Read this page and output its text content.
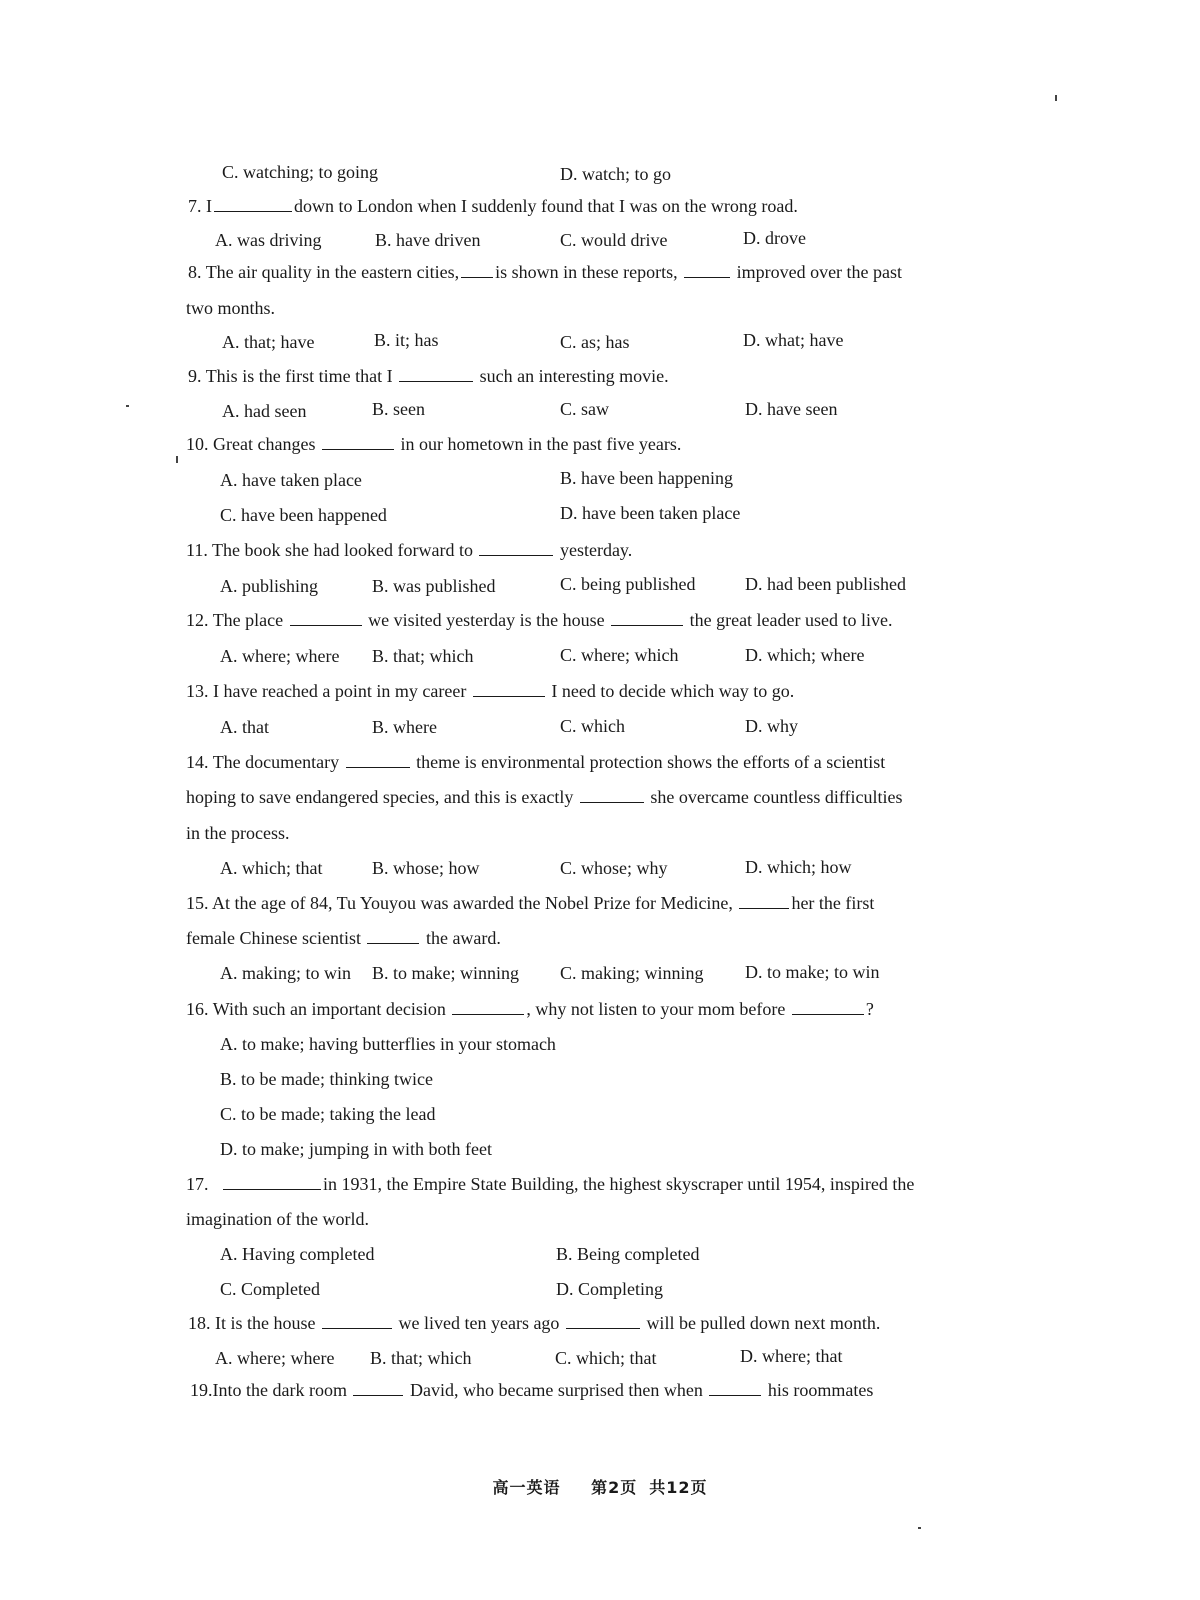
C. watching; to going	D. watch; to go
7. I	down to London when I suddenly found that I was on the wrong road.
A. was driving	B. have driven	C. would drive	D. drove
8. The air quality in the eastern cities, is shown in these reports,	improved over the past
two months.
A. that; have	B. it; has	C. as; has	D. what; have
9. This is the first time that I	such an interesting movie.
A. had seen	B. seen	C. saw	D. have seen
10. Great changes	in our hometown in the past five years.
A. have taken place	B. have been happening
C. have been happened	D. have been taken place
11. The book she had looked forward to	yesterday.
A. publishing	B. was published	C. being published	D. had been published
12. The place	we visited yesterday is the house	the great leader used to live.
A. where; where B. that; which	C. where; which	D. which; where
13. I have reached a point in my career	I need to decide which way to go.
A. that	B. where	C. which	D. why
14. The documentary	theme is environmental protection shows the efforts of a scientist
hoping to save endangered species, and this is exactly	she overcame countless difficulties
in the process.
A. which; that	B. whose; how	C. whose; why	D. which; how
15. At the age of 84, Tu Youyou was awarded the Nobel Prize for Medicine,	her the first
female Chinese scientist	the award.
A. making; to win B. to make; winning C. making; winning D. to make; to win
16. With such an important decision	, why not listen to your mom before	?
A. to make; having butterflies in your stomach
B. to be made; thinking twice
C. to be made; taking the lead
D. to make; jumping in with both feet
17.	in 1931, the Empire State Building, the highest skyscraper until 1954, inspired the
imagination of the world.
A. Having completed	B. Being completed
C. Completed	D. Completing
18. It is the house	we lived ten years ago	will be pulled down next month.
A. where; where B. that; which	C. which; that	D. where; that
19.Into the dark room	David, who became surprised then when	his roommates
高一英语 第2页 共12页
